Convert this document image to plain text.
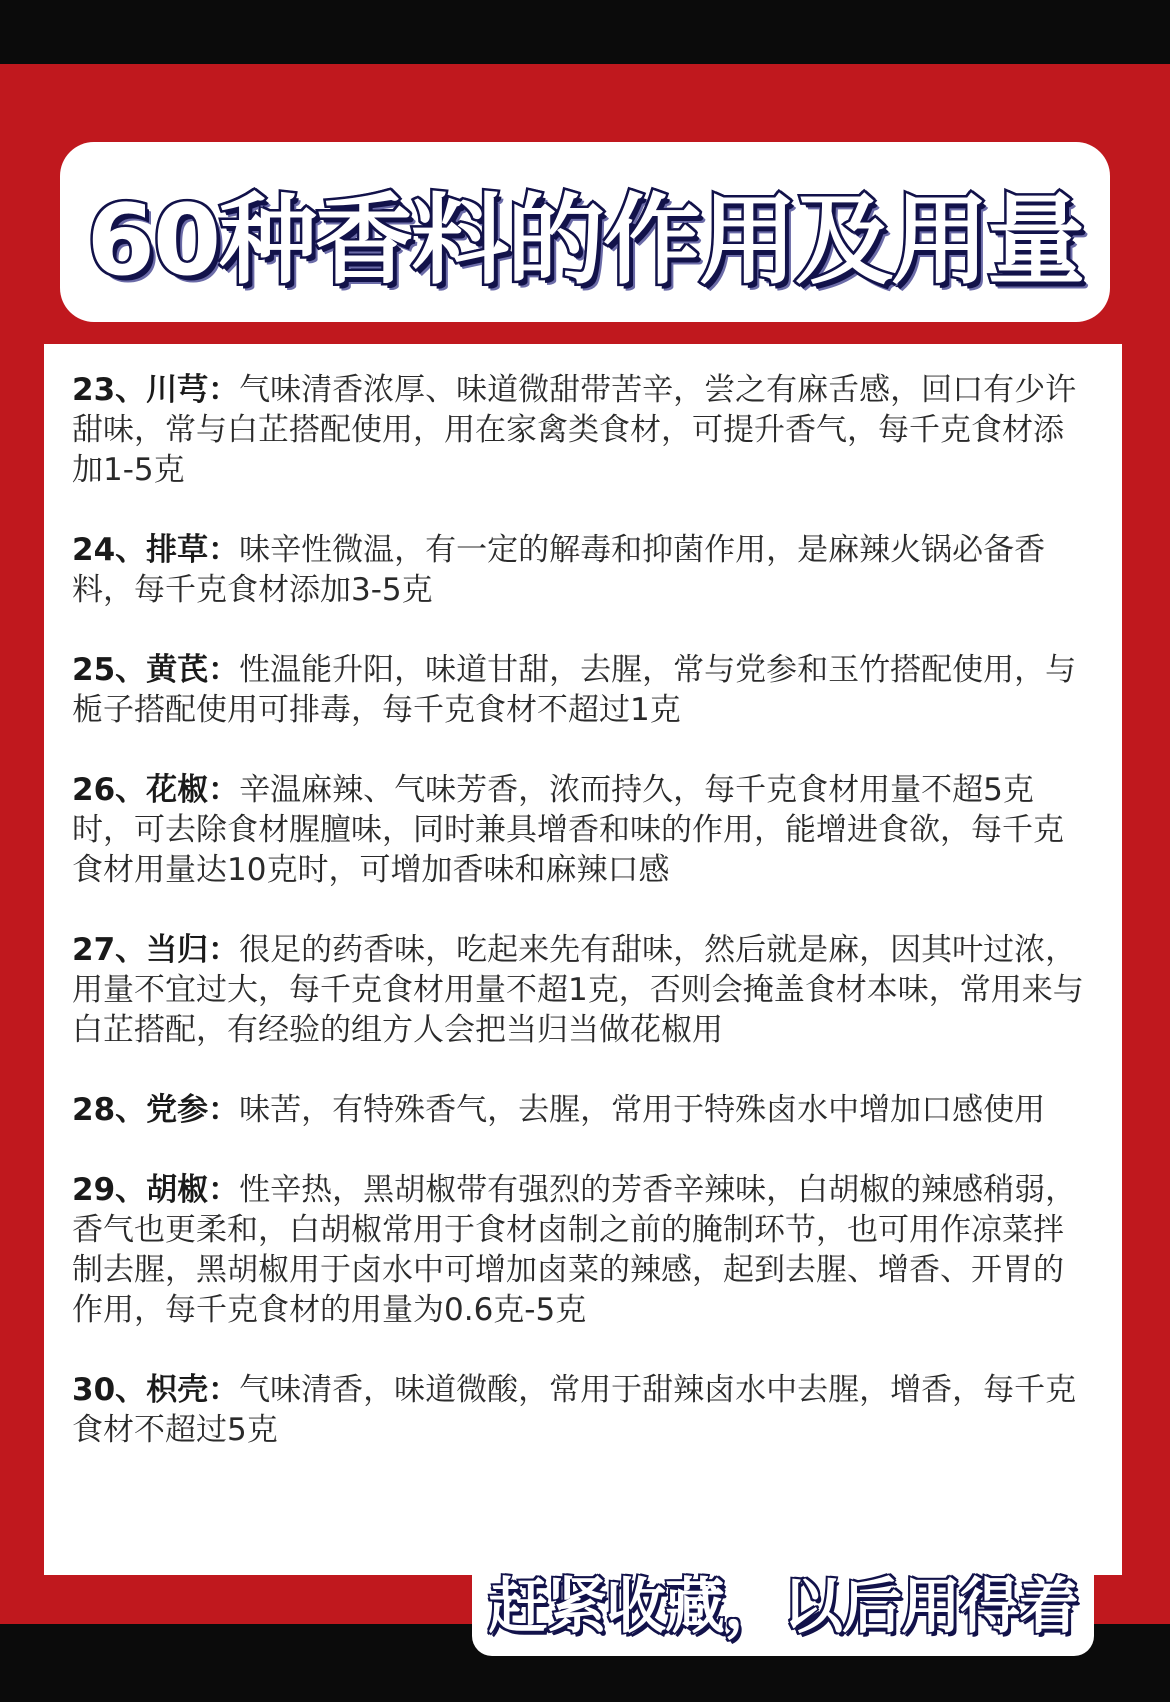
60种香料的作用及用量

23、川芎：气味清香浓厚、味道微甜带苦辛，尝之有麻舌感，回口有少许甜味，常与白芷搭配使用，用在家禽类食材，可提升香气，每千克食材添加1-5克

24、排草：味辛性微温，有一定的解毒和抑菌作用，是麻辣火锅必备香料，每千克食材添加3-5克

25、黄芪：性温能升阳，味道甘甜，去腥，常与党参和玉竹搭配使用，与栀子搭配使用可排毒，每千克食材不超过1克

26、花椒：辛温麻辣、气味芳香，浓而持久，每千克食材用量不超5克时，可去除食材腥膻味，同时兼具增香和味的作用，能增进食欲，每千克食材用量达10克时，可增加香味和麻辣口感

27、当归：很足的药香味，吃起来先有甜味，然后就是麻，因其叶过浓，用量不宜过大，每千克食材用量不超1克，否则会掩盖食材本味，常用来与白芷搭配，有经验的组方人会把当归当做花椒用

28、党参：味苦，有特殊香气，去腥，常用于特殊卤水中增加口感使用

29、胡椒：性辛热，黑胡椒带有强烈的芳香辛辣味，白胡椒的辣感稍弱，香气也更柔和，白胡椒常用于食材卤制之前的腌制环节，也可用作凉菜拌制去腥，黑胡椒用于卤水中可增加卤菜的辣感，起到去腥、增香、开胃的作用，每千克食材的用量为0.6克-5克

30、枳壳：气味清香，味道微酸，常用于甜辣卤水中去腥，增香，每千克食材不超过5克

赶紧收藏，以后用得着
